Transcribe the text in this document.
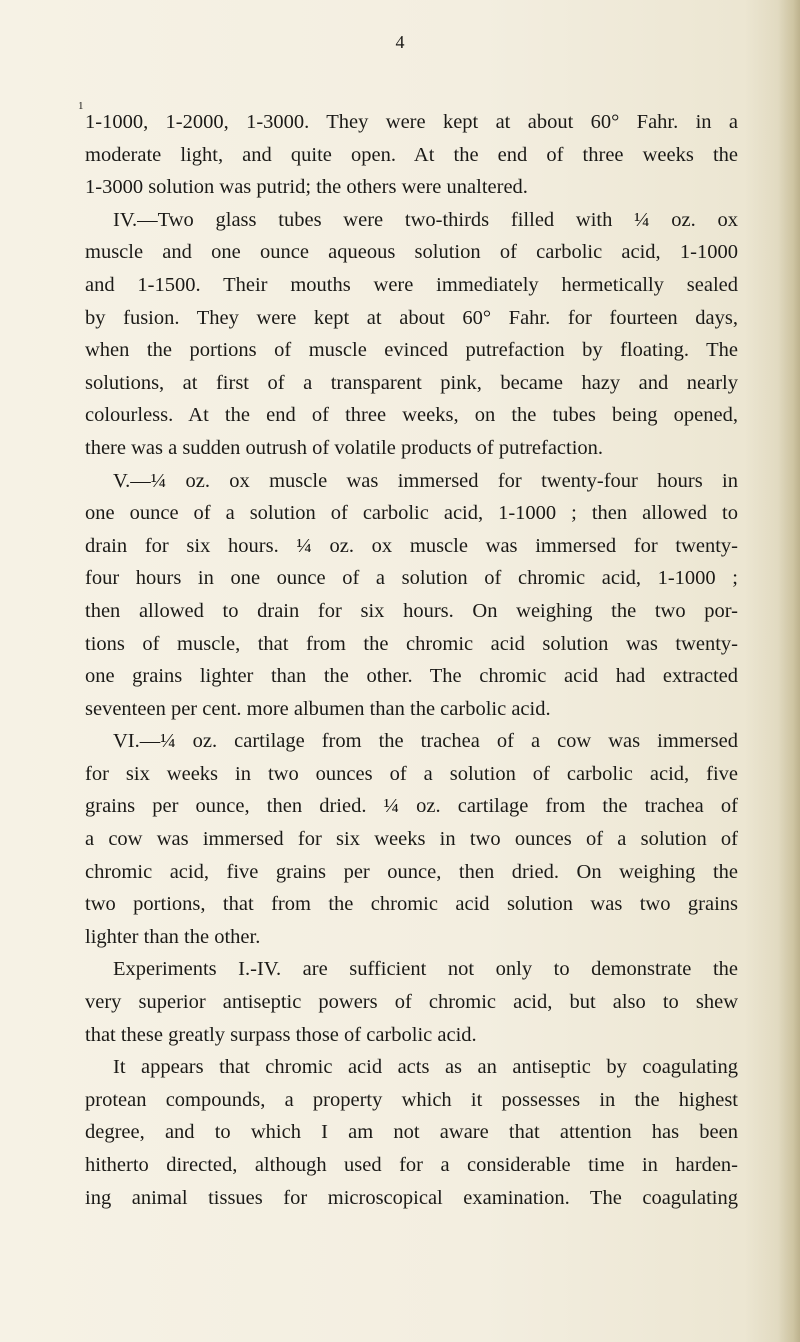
4
1
1-1000, 1-2000, 1-3000. They were kept at about 60° Fahr. in a
moderate light, and quite open. At the end of three weeks the
1-3000 solution was putrid; the others were unaltered.
IV.—Two glass tubes were two-thirds filled with ¼ oz. ox
muscle and one ounce aqueous solution of carbolic acid, 1-1000
and 1-1500. Their mouths were immediately hermetically sealed
by fusion. They were kept at about 60° Fahr. for fourteen days,
when the portions of muscle evinced putrefaction by floating. The
solutions, at first of a transparent pink, became hazy and nearly
colourless. At the end of three weeks, on the tubes being opened,
there was a sudden outrush of volatile products of putrefaction.
V.—¼ oz. ox muscle was immersed for twenty-four hours in
one ounce of a solution of carbolic acid, 1-1000 ; then allowed to
drain for six hours. ¼ oz. ox muscle was immersed for twenty-
four hours in one ounce of a solution of chromic acid, 1-1000 ;
then allowed to drain for six hours. On weighing the two por-
tions of muscle, that from the chromic acid solution was twenty-
one grains lighter than the other. The chromic acid had extracted
seventeen per cent. more albumen than the carbolic acid.
VI.—¼ oz. cartilage from the trachea of a cow was immersed
for six weeks in two ounces of a solution of carbolic acid, five
grains per ounce, then dried. ¼ oz. cartilage from the trachea of
a cow was immersed for six weeks in two ounces of a solution of
chromic acid, five grains per ounce, then dried. On weighing the
two portions, that from the chromic acid solution was two grains
lighter than the other.
Experiments I.-IV. are sufficient not only to demonstrate the
very superior antiseptic powers of chromic acid, but also to shew
that these greatly surpass those of carbolic acid.
It appears that chromic acid acts as an antiseptic by coagulating
protean compounds, a property which it possesses in the highest
degree, and to which I am not aware that attention has been
hitherto directed, although used for a considerable time in harden-
ing animal tissues for microscopical examination. The coagulating
